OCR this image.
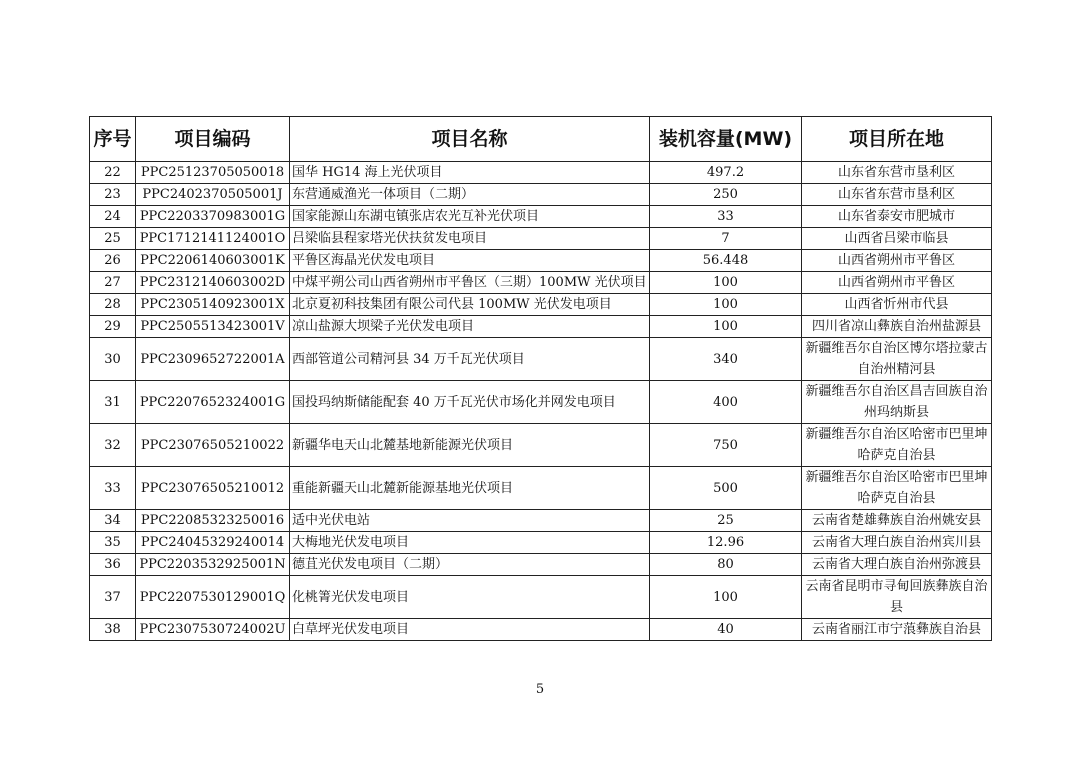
序号	项目编码	项目名称	装机容量(MW)	项目所在地
22	PPC25123705050018	国华 HG14 海上光伏项目	497.2	山东省东营市垦利区
23	PPC2402370505001J	东营通威渔光一体项目（二期）	250	山东省东营市垦利区
24	PPC2203370983001G	国家能源山东湖屯镇张店农光互补光伏项目	33	山东省泰安市肥城市
25	PPC1712141124001O	吕梁临县程家塔光伏扶贫发电项目	7	山西省吕梁市临县
26	PPC2206140603001K	平鲁区海晶光伏发电项目	56.448	山西省朔州市平鲁区
27	PPC2312140603002D	中煤平朔公司山西省朔州市平鲁区（三期）100MW 光伏项目	100	山西省朔州市平鲁区
28	PPC2305140923001X	北京夏初科技集团有限公司代县 100MW 光伏发电项目	100	山西省忻州市代县
29	PPC2505513423001V	凉山盐源大坝梁子光伏发电项目	100	四川省凉山彝族自治州盐源县
30	PPC2309652722001A	西部管道公司精河县 34 万千瓦光伏项目	340	新疆维吾尔自治区博尔塔拉蒙古自治州精河县
31	PPC2207652324001G	国投玛纳斯储能配套 40 万千瓦光伏市场化并网发电项目	400	新疆维吾尔自治区昌吉回族自治州玛纳斯县
32	PPC23076505210022	新疆华电天山北麓基地新能源光伏项目	750	新疆维吾尔自治区哈密市巴里坤哈萨克自治县
33	PPC23076505210012	重能新疆天山北麓新能源基地光伏项目	500	新疆维吾尔自治区哈密市巴里坤哈萨克自治县
34	PPC22085323250016	适中光伏电站	25	云南省楚雄彝族自治州姚安县
35	PPC24045329240014	大梅地光伏发电项目	12.96	云南省大理白族自治州宾川县
36	PPC2203532925001N	德苴光伏发电项目（二期）	80	云南省大理白族自治州弥渡县
37	PPC2207530129001Q	化桃箐光伏发电项目	100	云南省昆明市寻甸回族彝族自治县
38	PPC2307530724002U	白草坪光伏发电项目	40	云南省丽江市宁蒗彝族自治县
5
